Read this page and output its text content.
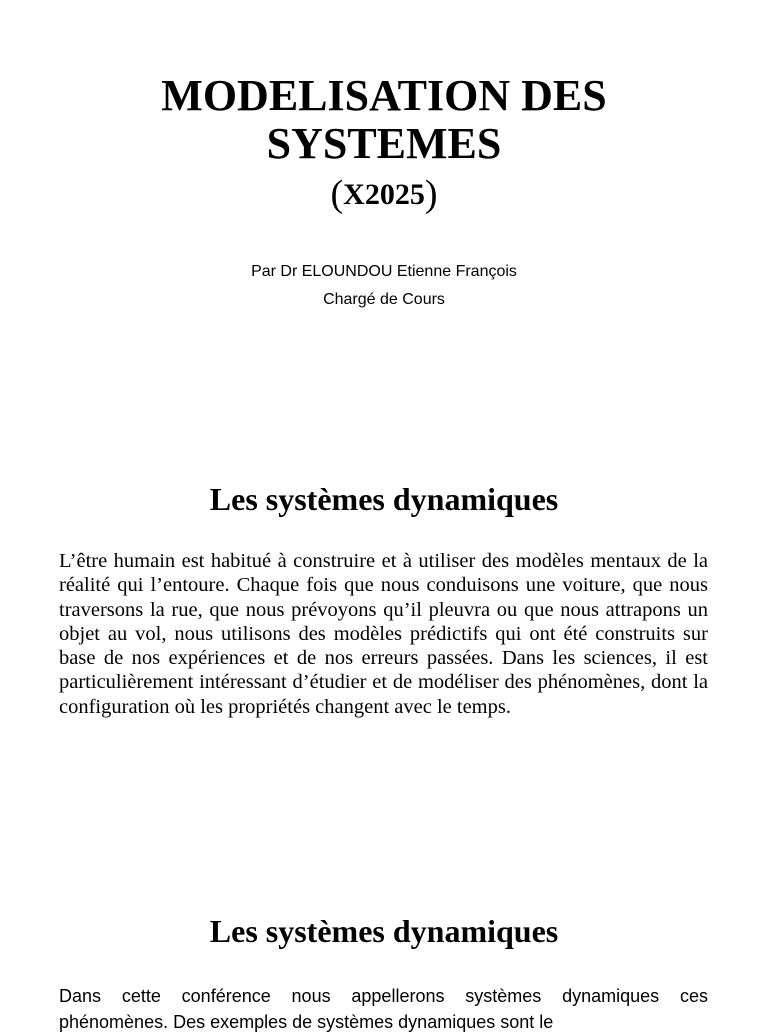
MODELISATION DES
SYSTEMES
(X2025)
Par Dr ELOUNDOU Etienne François
Chargé de Cours
Les systèmes dynamiques

L’être humain est habitué à construire et à utiliser des modèles mentaux de la réalité qui l’entoure. Chaque fois que nous conduisons une voiture, que nous traversons la rue, que nous prévoyons qu’il pleuvra ou que nous attrapons un objet au vol, nous utilisons des modèles prédictifs qui ont été construits sur base de nos expériences et de nos erreurs passées. Dans les sciences, il est particulièrement intéressant d’étudier et de modéliser des phénomènes, dont la configuration où les propriétés changent avec le temps.

Les systèmes dynamiques

Dans cette conférence nous appellerons systèmes dynamiques ces phénomènes. Des exemples de systèmes dynamiques sont le
